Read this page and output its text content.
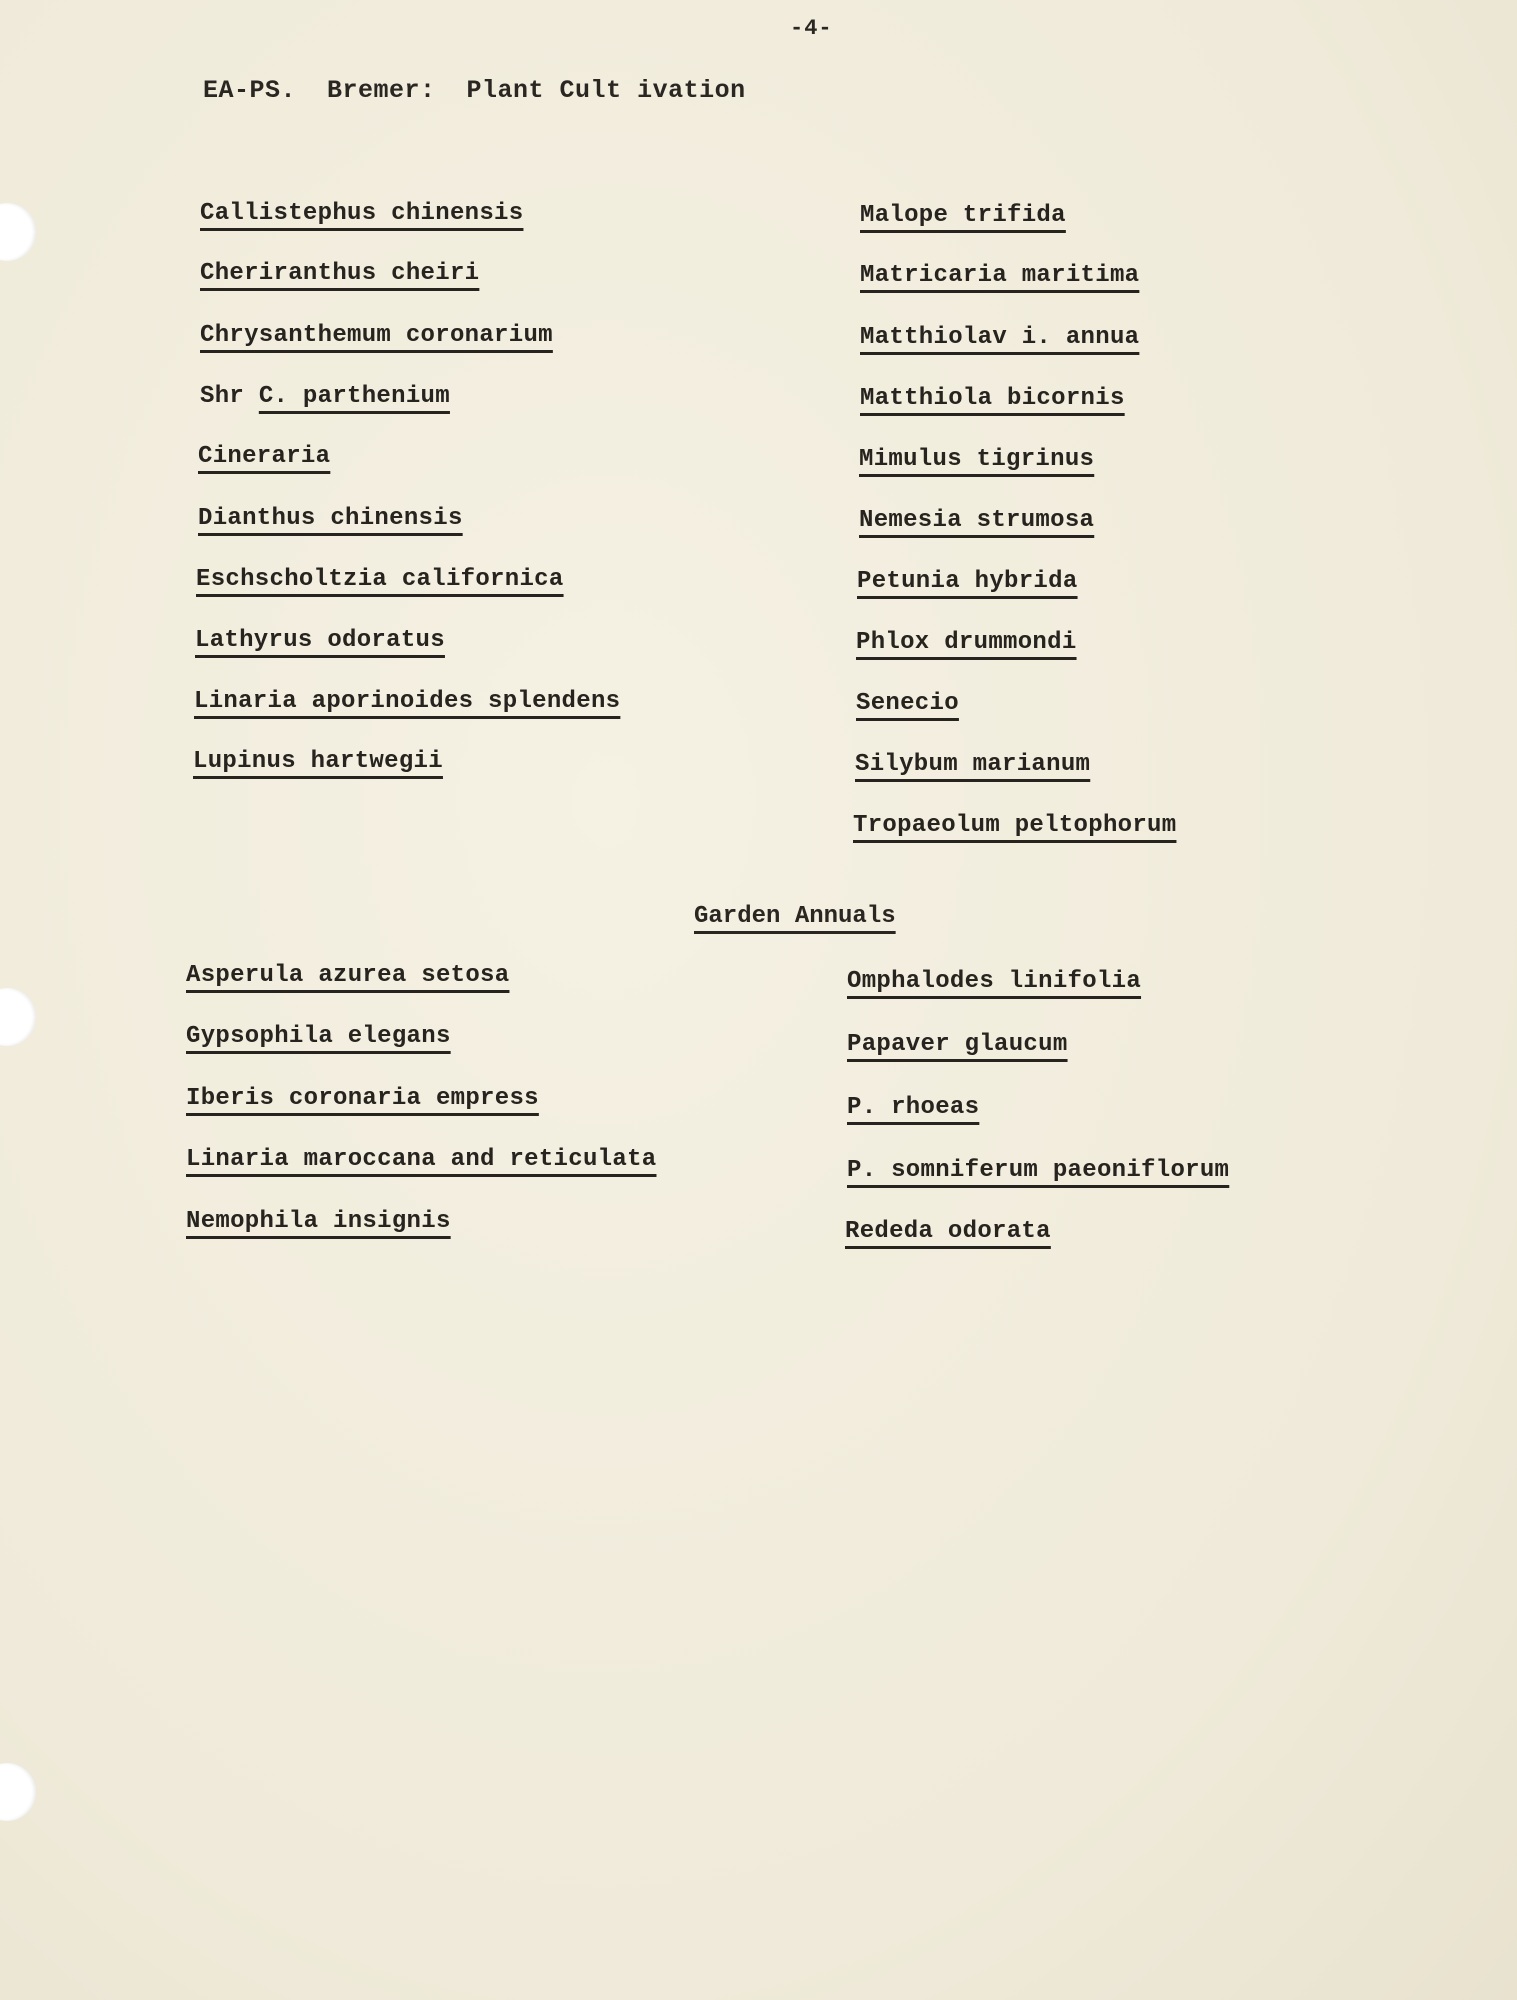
-4-
EA-PS.  Bremer:  Plant Cult ivation
Callistephus chinensis
Cheriranthus cheiri
Chrysanthemum coronarium
Shr C. parthenium
Cineraria
Dianthus chinensis
Eschscholtzia californica
Lathyrus odoratus
Linaria aporinoides splendens
Lupinus hartwegii
Malope trifida
Matricaria maritima
Matthiolav i. annua
Matthiola bicornis
Mimulus tigrinus
Nemesia strumosa
Petunia hybrida
Phlox drummondi
Senecio
Silybum marianum
Tropaeolum peltophorum
Garden Annuals
Asperula azurea setosa
Gypsophila elegans
Iberis coronaria empress
Linaria maroccana and reticulata
Nemophila insignis
Omphalodes linifolia
Papaver glaucum
P. rhoeas
P. somniferum paeoniflorum
Rededa odorata
